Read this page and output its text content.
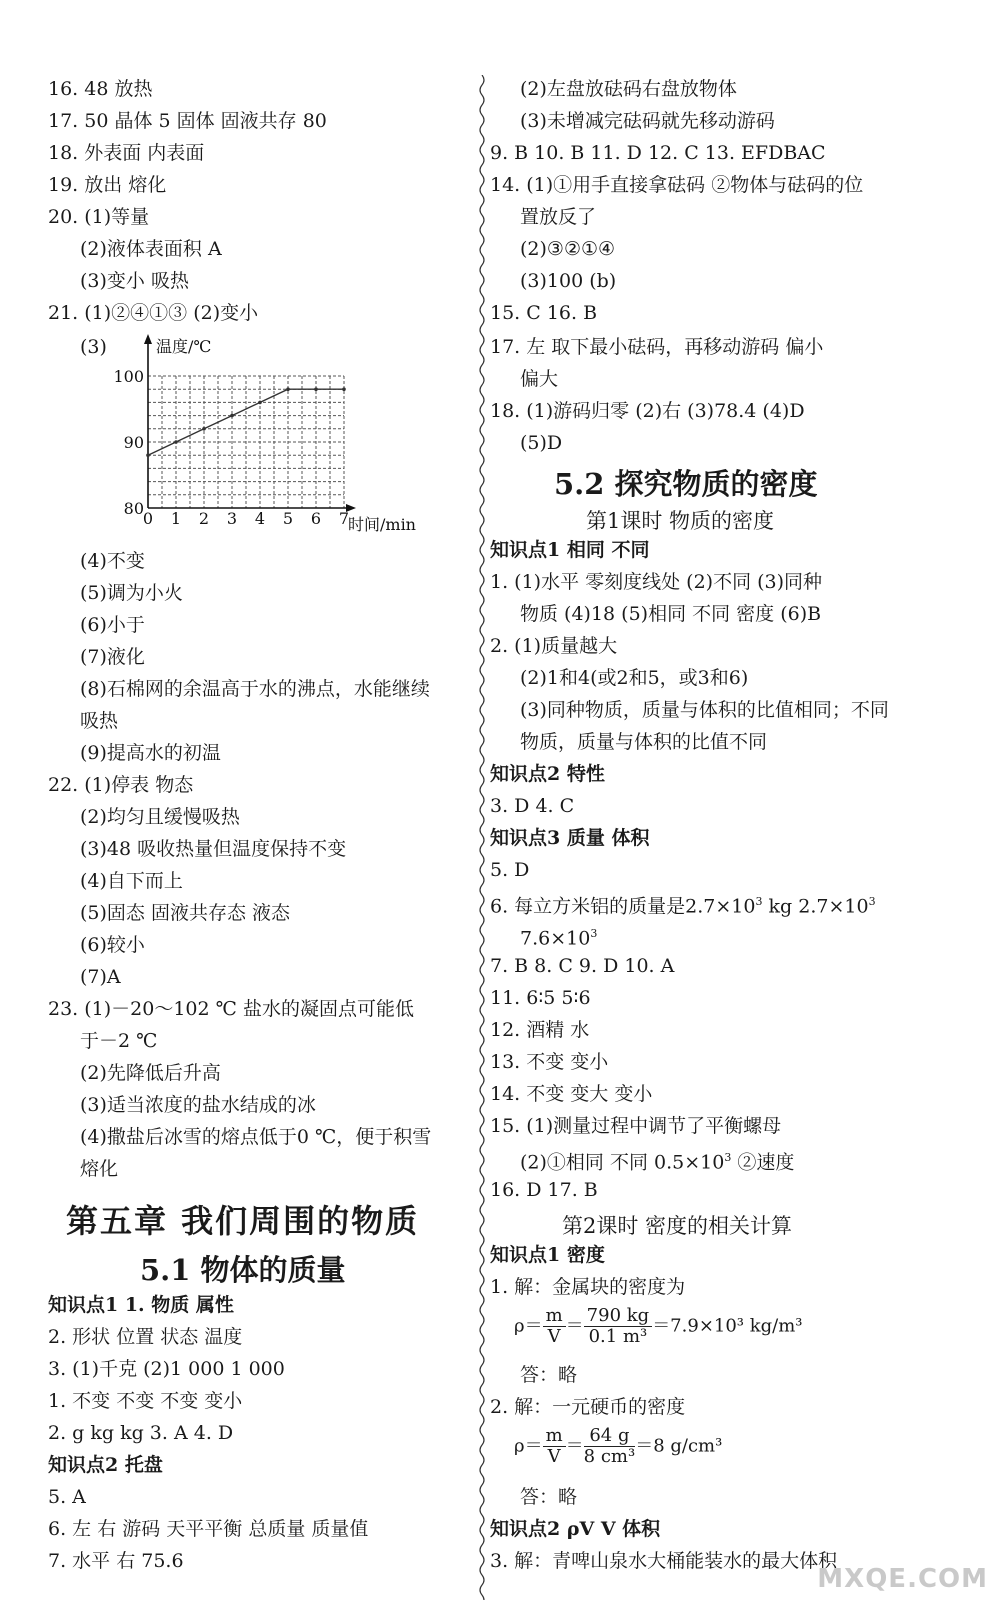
16. 48 放热
17. 50 晶体 5 固体 固液共存 80
18. 外表面 内表面
19. 放出 熔化
20. (1)等量
(2)液体表面积 A
(3)变小 吸热
21. (1)②④①③ (2)变小
(3)
0 1 2 3 4 5 6 7
80
90
100
温度/℃
时间/min
(4)不变
(5)调为小火
(6)小于
(7)液化
(8)石棉网的余温高于水的沸点，水能继续
吸热
(9)提高水的初温
22. (1)停表 物态
(2)均匀且缓慢吸热
(3)48 吸收热量但温度保持不变
(4)自下而上
(5)固态 固液共存态 液态
(6)较小
(7)A
23. (1)－20～102 ℃ 盐水的凝固点可能低
于－2 ℃
(2)先降低后升高
(3)适当浓度的盐水结成的冰
(4)撒盐后冰雪的熔点低于0 ℃，便于积雪
熔化
第五章 我们周围的物质
5.1 物体的质量
知识点1 1. 物质 属性
2. 形状 位置 状态 温度
3. (1)千克 (2)1 000 1 000
1. 不变 不变 不变 变小
2. g kg kg 3. A 4. D
知识点2 托盘
5. A
6. 左 右 游码 天平平衡 总质量 质量值
7. 水平 右 75.6
(2)左盘放砝码右盘放物体
(3)未增减完砝码就先移动游码
9. B 10. B 11. D 12. C 13. EFDBAC
14. (1)①用手直接拿砝码 ②物体与砝码的位
置放反了
(2)③②①④
(3)100 (b)
15. C 16. B
17. 左 取下最小砝码，再移动游码 偏小
偏大
18. (1)游码归零 (2)右 (3)78.4 (4)D
(5)D
5.2 探究物质的密度
第1课时 物质的密度
知识点1 相同 不同
1. (1)水平 零刻度线处 (2)不同 (3)同种
物质 (4)18 (5)相同 不同 密度 (6)B
2. (1)质量越大
(2)1和4(或2和5，或3和6)
(3)同种物质，质量与体积的比值相同；不同
物质，质量与体积的比值不同
知识点2 特性
3. D 4. C
知识点3 质量 体积
5. D
6. 每立方米铝的质量是$2.7\times 10^3$ kg $2.7\times 10^3$
$7.6\times 10^3$
7. B 8. C 9. D 10. A
11. 6∶5 5∶6
12. 酒精 水
13. 不变 变小
14. 不变 变大 变小
15. (1)测量过程中调节了平衡螺母
(2)①相同 不同 $0.5\times 10^3$ ②速度
16. D 17. B
第2课时 密度的相关计算
知识点1 密度
1. 解：金属块的密度为
$\rho= \frac{m}{V} = \frac{790 kg}{\text{0.1 m³}} =7.9\times 10^3$ kg/m³
答：略
2. 解：一元硬币的密度
$\rho= \frac{m}{V} = \frac{64 g}{\text{8 cm³}} =8$ g/cm³
答：略
知识点2 ρV V 体积
3. 解：青啤山泉水大桶能装水的最大体积
MXQE.COM
